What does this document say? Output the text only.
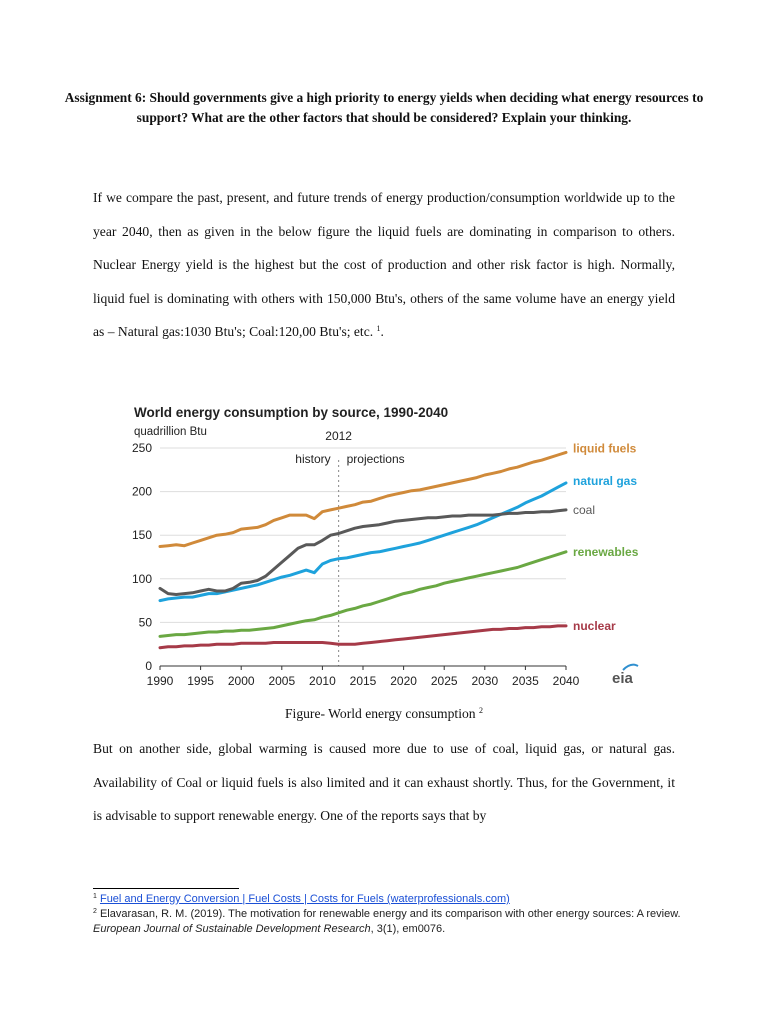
Assignment 6: Should governments give a high priority to energy yields when deciding what energy resources to support? What are the other factors that should be considered? Explain your thinking.
If we compare the past, present, and future trends of energy production/consumption worldwide up to the year 2040, then as given in the below figure the liquid fuels are dominating in comparison to others. Nuclear Energy yield is the highest but the cost of production and other risk factor is high. Normally, liquid fuel is dominating with others with 150,000 Btu's, others of the same volume have an energy yield as – Natural gas:1030 Btu's; Coal:120,00 Btu's; etc. $^1$.
World energy consumption by source, 1990-2040
quadrillion Btu	2012
history projections
0
50
100
150
200
250
1990 1995 2000 2005 2010 2015 2020 2025 2030 2035 2040
liquid fuels
natural gas
coal
renewables
nuclear
eia
Figure- World energy consumption $^2$
But on another side, global warming is caused more due to use of coal, liquid gas, or natural gas. Availability of Coal or liquid fuels is also limited and it can exhaust shortly. Thus, for the Government, it is advisable to support renewable energy. One of the reports says that by
$^1$ Fuel and Energy Conversion | Fuel Costs | Costs for Fuels (waterprofessionals.com)
$^2$ Elavarasan, R. M. (2019). The motivation for renewable energy and its comparison with other energy sources: A review. European Journal of Sustainable Development Research, 3(1), em0076.
